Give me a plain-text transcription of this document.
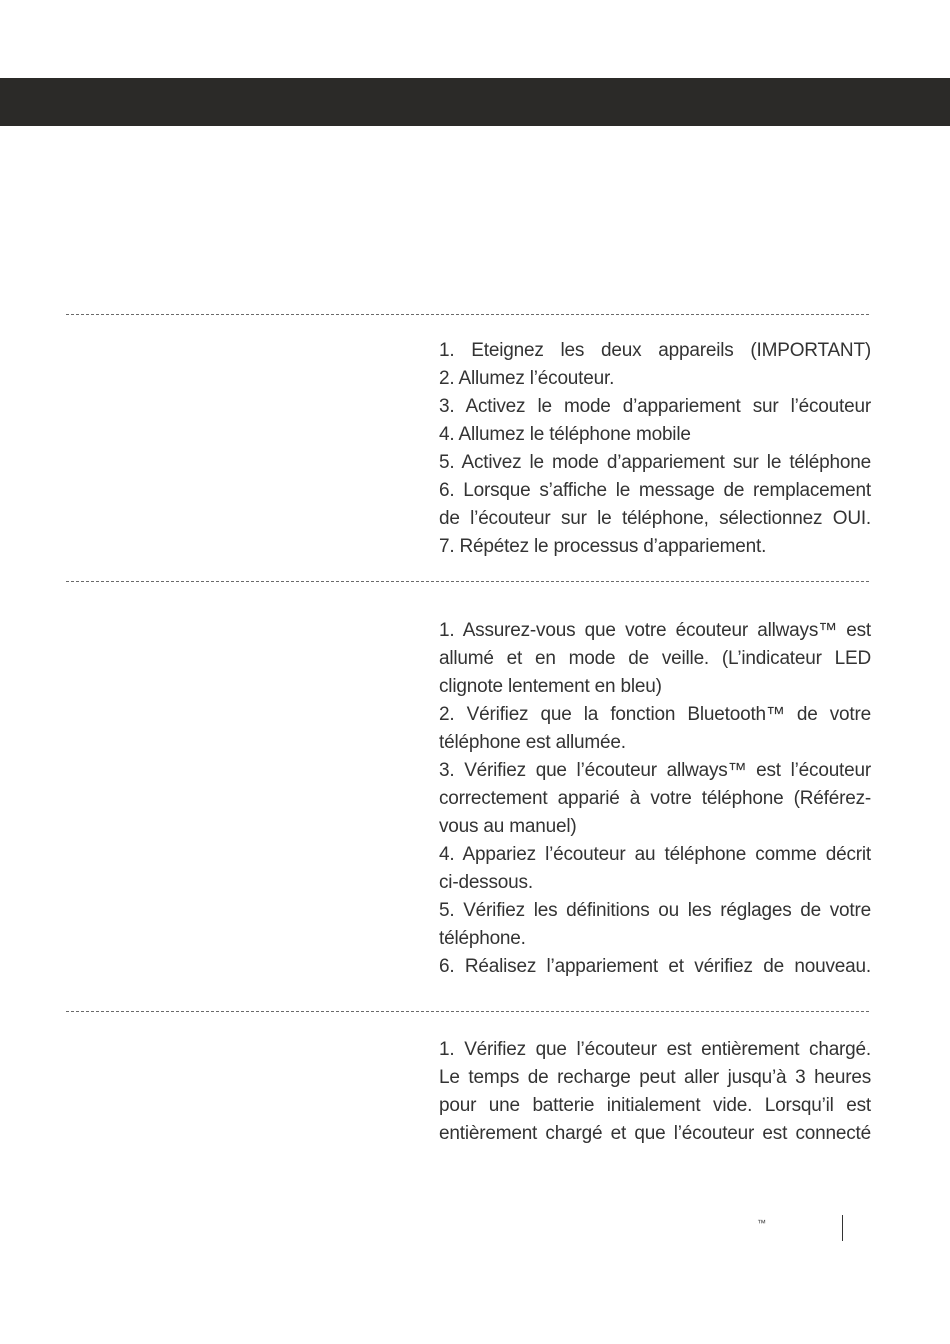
1. Eteignez les deux appareils (IMPORTANT)
2. Allumez l’écouteur.
3. Activez le mode d’appariement sur l’écouteur
4. Allumez le téléphone mobile
5. Activez le mode d’appariement sur le téléphone
6. Lorsque s’affiche le message de remplacement
de l’écouteur sur le téléphone, sélectionnez OUI.
7. Répétez le processus d’appariement.
1. Assurez-vous que votre écouteur allways™ est
allumé et en mode de veille. (L’indicateur LED
clignote lentement en bleu)
2. Vérifiez que la fonction Bluetooth™ de votre
téléphone est allumée.
3. Vérifiez que l’écouteur allways™ est l’écouteur
correctement apparié à votre téléphone (Référez-
vous au manuel)
4. Appariez l’écouteur au téléphone comme décrit
ci-dessous.
5. Vérifiez les définitions ou les réglages de votre
téléphone.
6. Réalisez l’appariement et vérifiez de nouveau.
1. Vérifiez que l’écouteur est entièrement chargé.
Le temps de recharge peut aller jusqu’à 3 heures
pour une batterie initialement vide. Lorsqu’il est
entièrement chargé et que l’écouteur est connecté
™
